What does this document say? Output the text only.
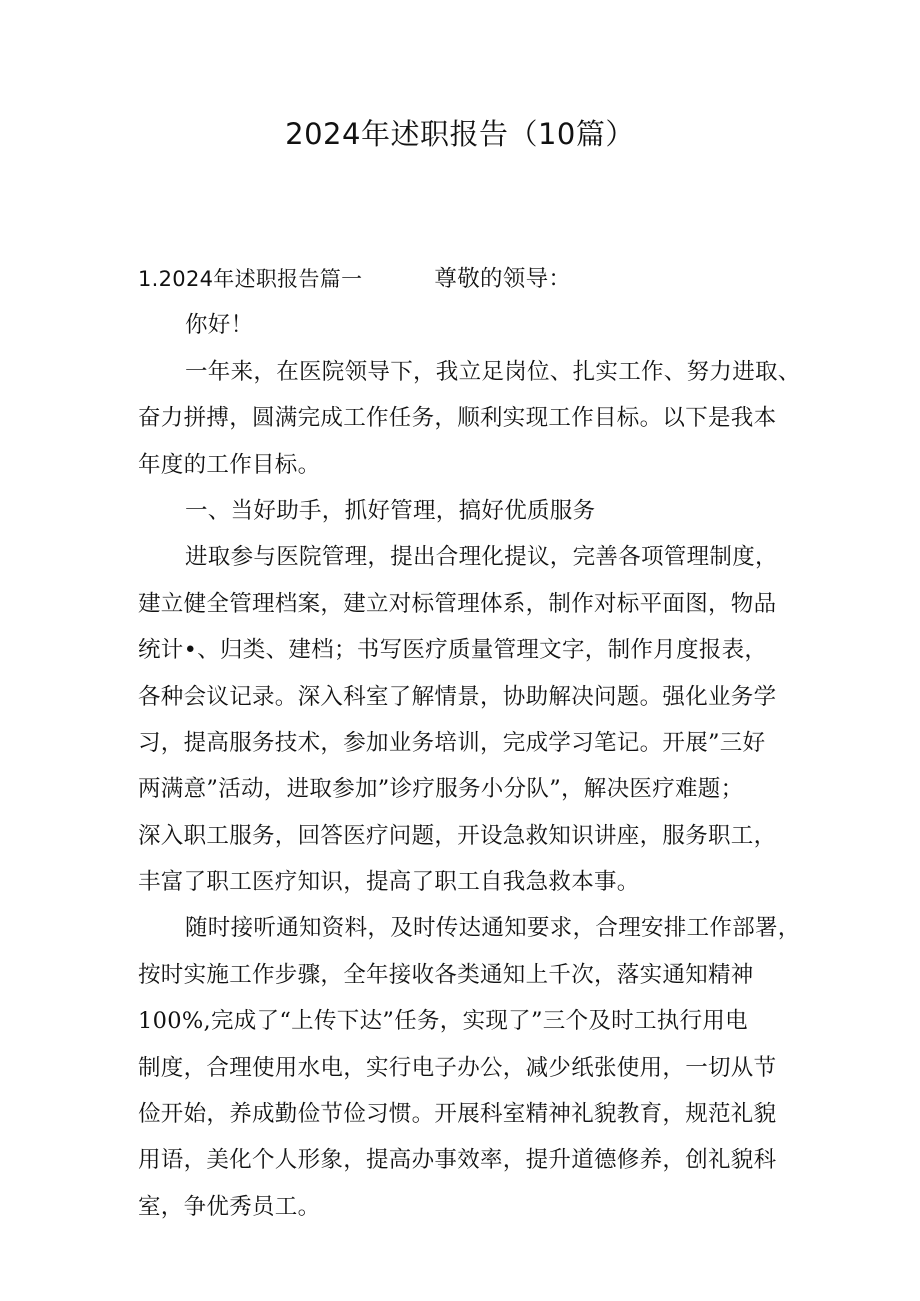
2024年述职报告（10篇）
1.2024年述职报告篇一	尊敬的领导：
你好！
一年来，在医院领导下，我立足岗位、扎实工作、努力进取、
奋力拼搏，圆满完成工作任务，顺利实现工作目标。以下是我本
年度的工作目标。
一、当好助手，抓好管理，搞好优质服务
进取参与医院管理，提出合理化提议，完善各项管理制度，
建立健全管理档案，建立对标管理体系，制作对标平面图，物品
统计•、归类、建档；书写医疗质量管理文字，制作月度报表，
各种会议记录。深入科室了解情景，协助解决问题。强化业务学
习，提高服务技术，参加业务培训，完成学习笔记。开展”三好
两满意”活动，进取参加”诊疗服务小分队”，解决医疗难题；
深入职工服务，回答医疗问题，开设急救知识讲座，服务职工，
丰富了职工医疗知识，提高了职工自我急救本事。
随时接听通知资料，及时传达通知要求，合理安排工作部署，
按时实施工作步骤，全年接收各类通知上千次，落实通知精神
100%,完成了“上传下达”任务，实现了”三个及时工执行用电
制度，合理使用水电，实行电子办公，减少纸张使用，一切从节
俭开始，养成勤俭节俭习惯。开展科室精神礼貌教育，规范礼貌
用语，美化个人形象，提高办事效率，提升道德修养，创礼貌科
室，争优秀员工。
